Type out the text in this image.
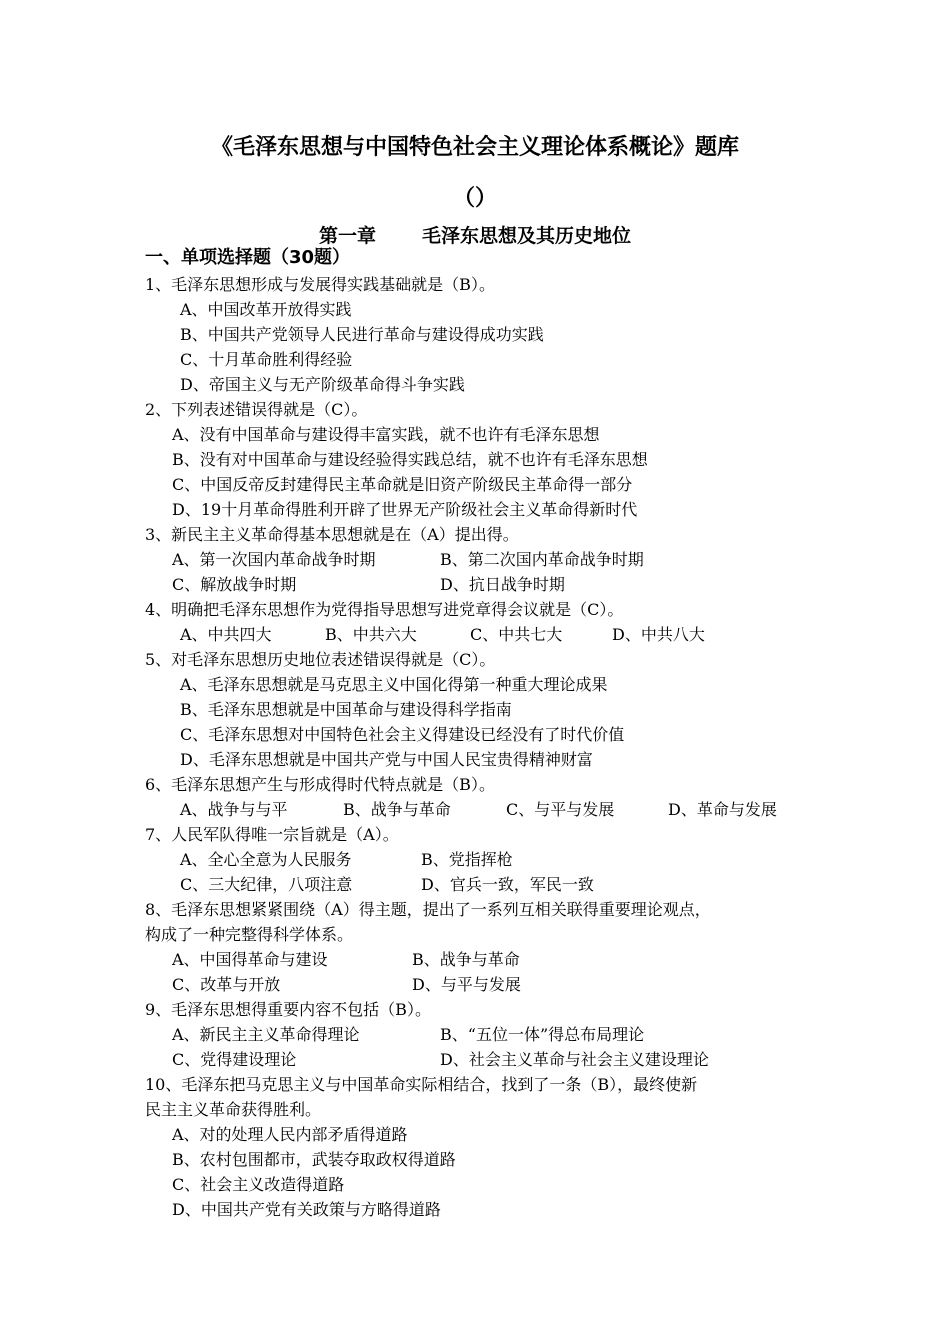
《毛泽东思想与中国特色社会主义理论体系概论》题库
（）
第一章 毛泽东思想及其历史地位
一、单项选择题（30题）
1、毛泽东思想形成与发展得实践基础就是（B）。
A、中国改革开放得实践
B、中国共产党领导人民进行革命与建设得成功实践
C、十月革命胜利得经验
D、帝国主义与无产阶级革命得斗争实践
2、下列表述错误得就是（C）。
A、没有中国革命与建设得丰富实践，就不也许有毛泽东思想
B、没有对中国革命与建设经验得实践总结，就不也许有毛泽东思想
C、中国反帝反封建得民主革命就是旧资产阶级民主革命得一部分
D、19十月革命得胜利开辟了世界无产阶级社会主义革命得新时代
3、新民主主义革命得基本思想就是在（A）提出得。
A、第一次国内革命战争时期	B、第二次国内革命战争时期
C、解放战争时期	D、抗日战争时期
4、明确把毛泽东思想作为党得指导思想写进党章得会议就是（C）。
A、中共四大	B、中共六大	C、中共七大	D、中共八大
5、对毛泽东思想历史地位表述错误得就是（C）。
A、毛泽东思想就是马克思主义中国化得第一种重大理论成果
B、毛泽东思想就是中国革命与建设得科学指南
C、毛泽东思想对中国特色社会主义得建设已经没有了时代价值
D、毛泽东思想就是中国共产党与中国人民宝贵得精神财富
6、毛泽东思想产生与形成得时代特点就是（B）。
A、战争与与平	B、战争与革命	C、与平与发展	D、革命与发展
7、人民军队得唯一宗旨就是（A）。
A、全心全意为人民服务	B、党指挥枪
C、三大纪律，八项注意	D、官兵一致，军民一致
8、毛泽东思想紧紧围绕（A）得主题，提出了一系列互相关联得重要理论观点，
构成了一种完整得科学体系。
A、中国得革命与建设	B、战争与革命
C、改革与开放	D、与平与发展
9、毛泽东思想得重要内容不包括（B）。
A、新民主主义革命得理论	B、“五位一体”得总布局理论
C、党得建设理论	D、社会主义革命与社会主义建设理论
10、毛泽东把马克思主义与中国革命实际相结合，找到了一条（B），最终使新
民主主义革命获得胜利。
A、对的处理人民内部矛盾得道路
B、农村包围都市，武装夺取政权得道路
C、社会主义改造得道路
D、中国共产党有关政策与方略得道路
